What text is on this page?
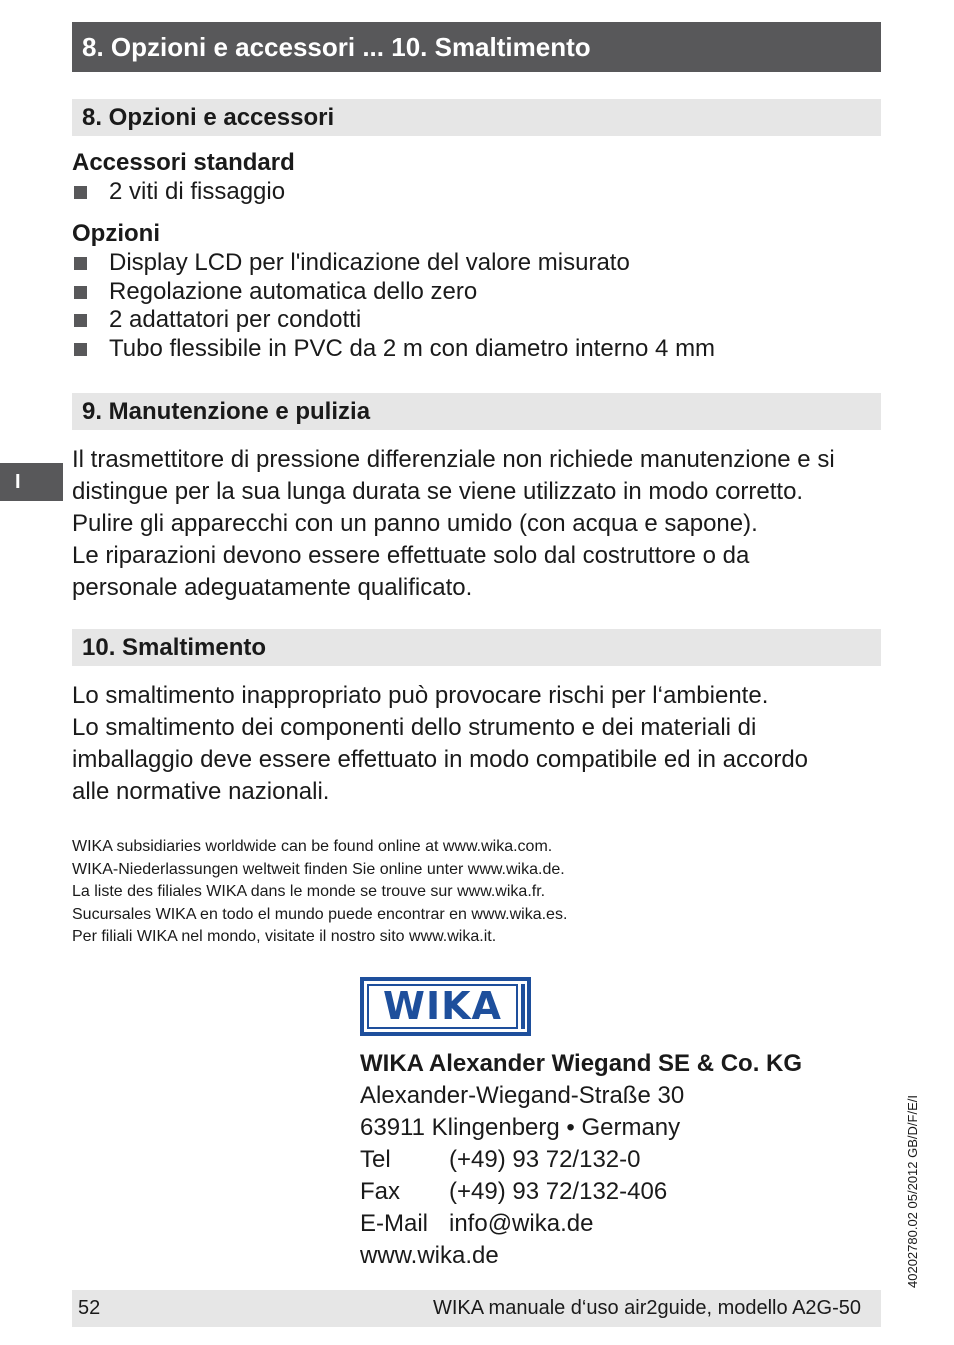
8. Opzioni e accessori ... 10. Smaltimento
8. Opzioni e accessori
Accessori standard
2 viti di fissaggio
Opzioni
Display LCD per l'indicazione del valore misurato
Regolazione automatica dello zero
2 adattatori per condotti
Tubo flessibile in PVC da 2 m con diametro interno 4 mm
9. Manutenzione e pulizia
I
Il trasmettitore di pressione differenziale non richiede manutenzione e si
distingue per la sua lunga durata se viene utilizzato in modo corretto.
Pulire gli apparecchi con un panno umido (con acqua e sapone).
Le riparazioni devono essere effettuate solo dal costruttore o da
personale adeguatamente qualificato.
10. Smaltimento
Lo smaltimento inappropriato può provocare rischi per l‘ambiente.
Lo smaltimento dei componenti dello strumento e dei materiali di
imballaggio deve essere effettuato in modo compatibile ed in accordo
alle normative nazionali.
WIKA subsidiaries worldwide can be found online at www.wika.com.
WIKA-Niederlassungen weltweit finden Sie online unter www.wika.de.
La liste des filiales WIKA dans le monde se trouve sur www.wika.fr.
Sucursales WIKA en todo el mundo puede encontrar en www.wika.es.
Per filiali WIKA nel mondo, visitate il nostro sito www.wika.it.
WIKA
WIKA Alexander Wiegand SE & Co. KG
Alexander-Wiegand-Straße 30
63911 Klingenberg • Germany
Tel (+49) 93 72/132-0
Fax (+49) 93 72/132-406
E-Mail info@wika.de
www.wika.de	40202780.02 05/2012 GB/D/F/E/I
52	WIKA manuale d‘uso air2guide, modello A2G-50
